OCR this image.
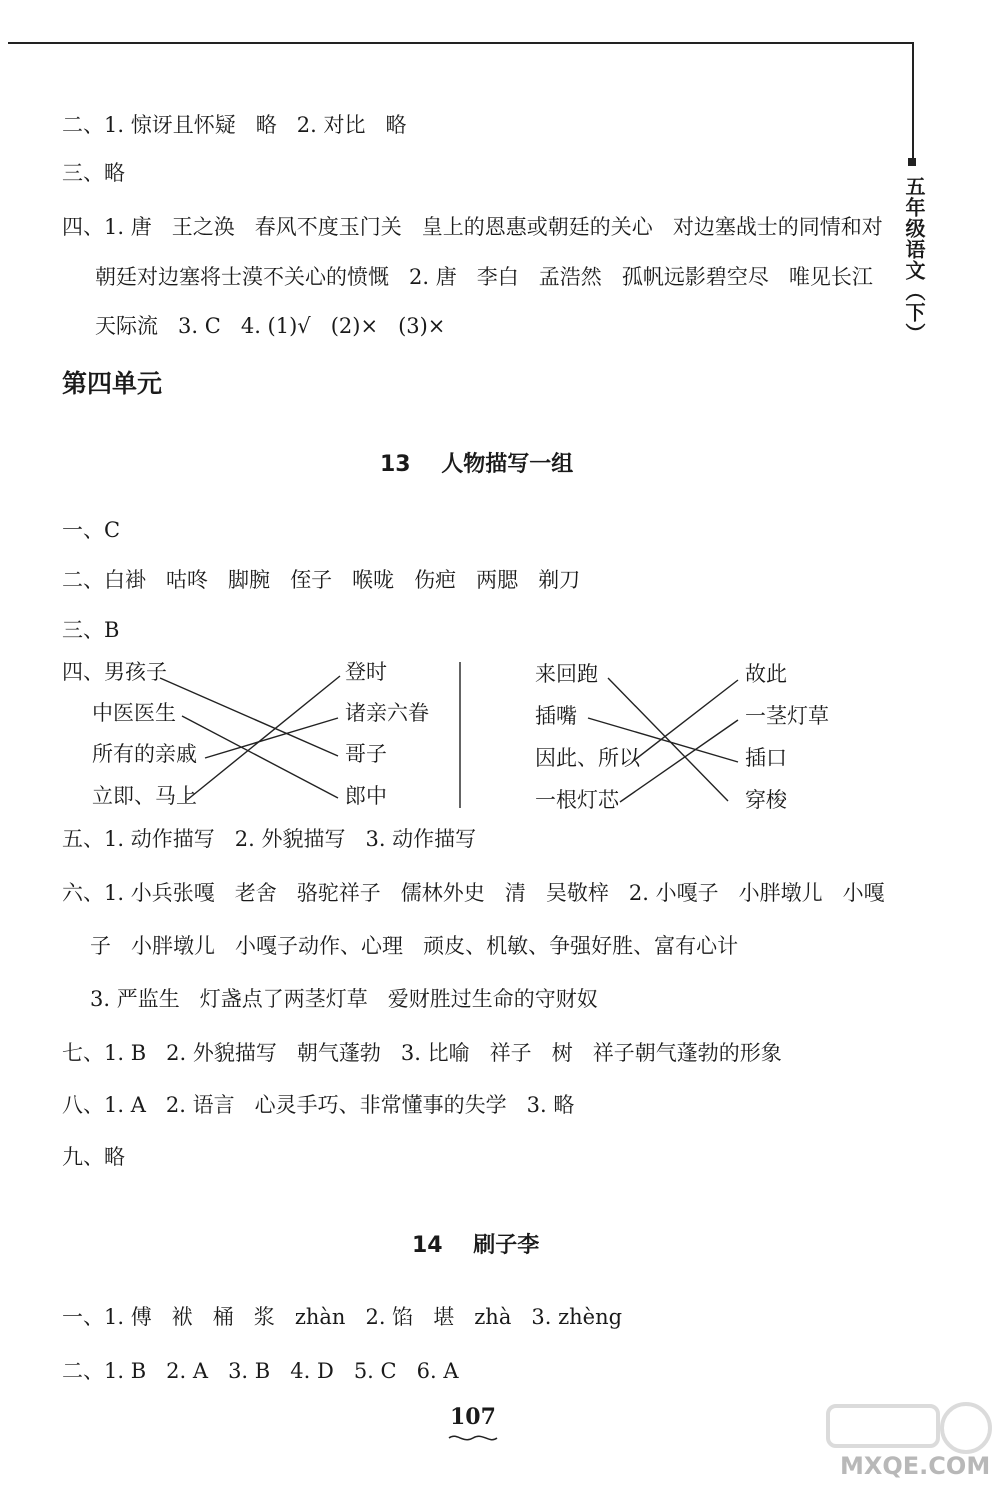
五年级语文（下）
二、1. 惊讶且怀疑   略   2. 对比   略
三、略
四、1. 唐   王之涣   春风不度玉门关   皇上的恩惠或朝廷的关心   对边塞战士的同情和对
朝廷对边塞将士漠不关心的愤慨   2. 唐   李白   孟浩然   孤帆远影碧空尽   唯见长江
天际流   3. C   4. (1)√   (2)×   (3)×
第四单元
13    人物描写一组
一、C
二、白褂   咕咚   脚腕   侄子   喉咙   伤疤   两腮   剃刀
三、B
四、 男孩子
中医医生
所有的亲戚
立即、马上
登时
诸亲六眷
哥子
郎中
来回跑
插嘴
因此、所以
一根灯芯
故此
一茎灯草
插口
穿梭
五、1. 动作描写   2. 外貌描写   3. 动作描写
六、1. 小兵张嘎   老舍   骆驼祥子   儒林外史   清   吴敬梓   2. 小嘎子   小胖墩儿   小嘎
子   小胖墩儿   小嘎子动作、心理   顽皮、机敏、争强好胜、富有心计
3. 严监生   灯盏点了两茎灯草   爱财胜过生命的守财奴
七、1. B   2. 外貌描写   朝气蓬勃   3. 比喻   祥子   树   祥子朝气蓬勃的形象
八、1. A   2. 语言   心灵手巧、非常懂事的失学   3. 略
九、略
14    刷子李
一、1. 傅   袱   桶   浆   zhàn   2. 馅   堪   zhà   3. zhèng
二、1. B   2. A   3. B   4. D   5. C   6. A
107
MXQE.COM
